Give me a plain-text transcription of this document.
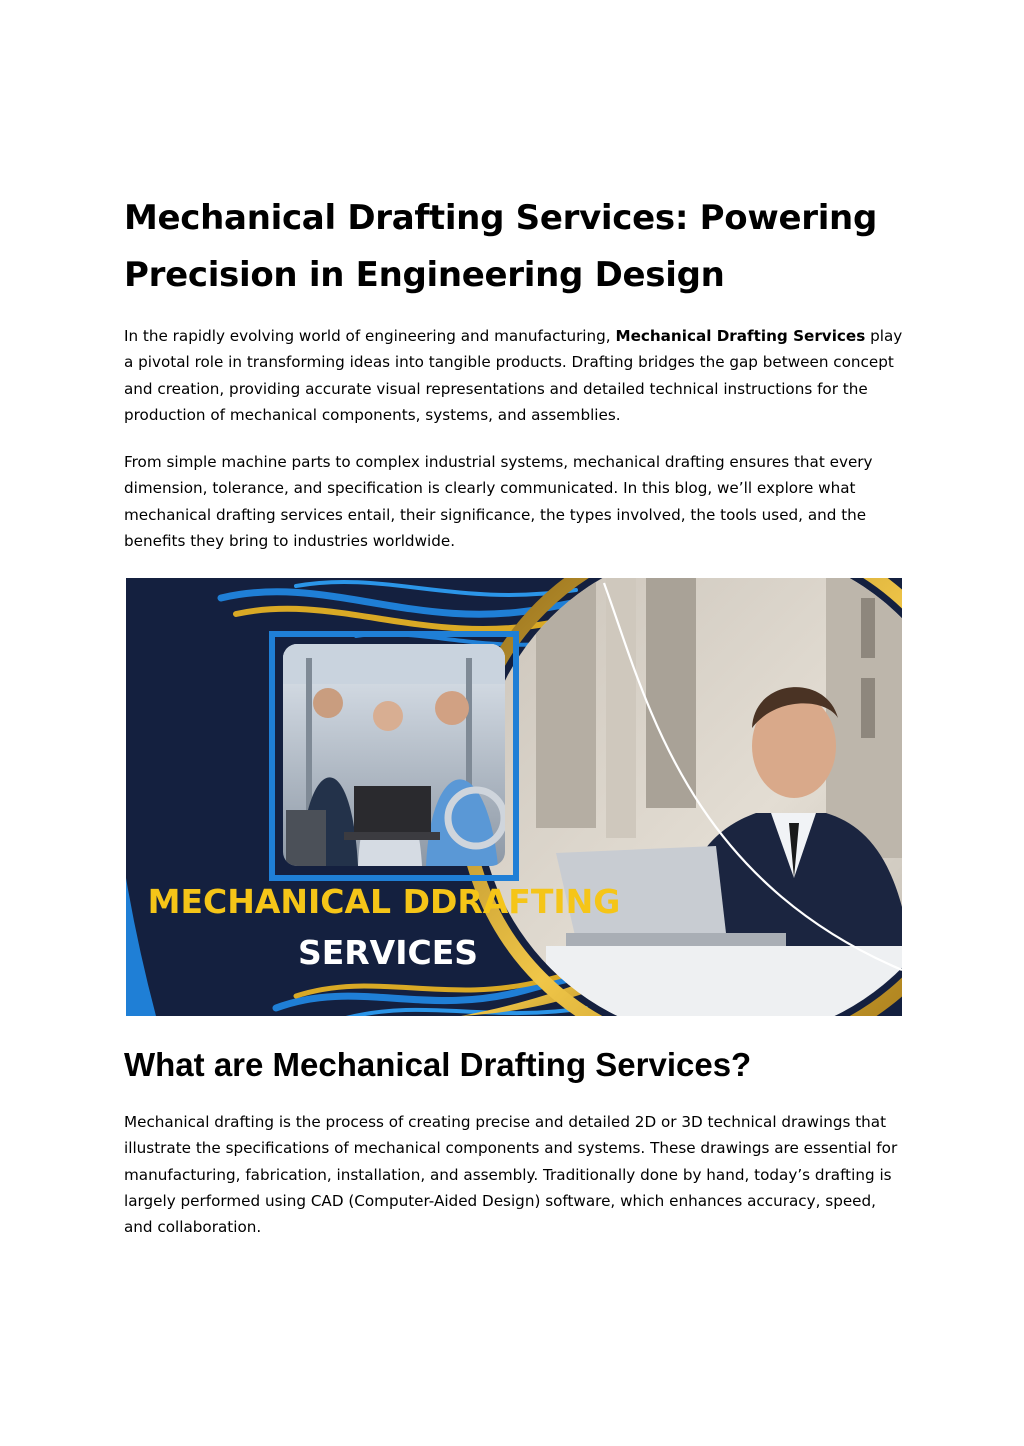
Mechanical Drafting Services: Powering Precision in Engineering Design

In the rapidly evolving world of engineering and manufacturing, Mechanical Drafting Services play a pivotal role in transforming ideas into tangible products. Drafting bridges the gap between concept and creation, providing accurate visual representations and detailed technical instructions for the production of mechanical components, systems, and assemblies.

From simple machine parts to complex industrial systems, mechanical drafting ensures that every dimension, tolerance, and specification is clearly communicated. In this blog, we’ll explore what mechanical drafting services entail, their significance, the types involved, the tools used, and the benefits they bring to industries worldwide.

MECHANICAL DDRAFTING
SERVICES
What are Mechanical Drafting Services?

Mechanical drafting is the process of creating precise and detailed 2D or 3D technical drawings that illustrate the specifications of mechanical components and systems. These drawings are essential for manufacturing, fabrication, installation, and assembly. Traditionally done by hand, today’s drafting is largely performed using CAD (Computer-Aided Design) software, which enhances accuracy, speed, and collaboration.
